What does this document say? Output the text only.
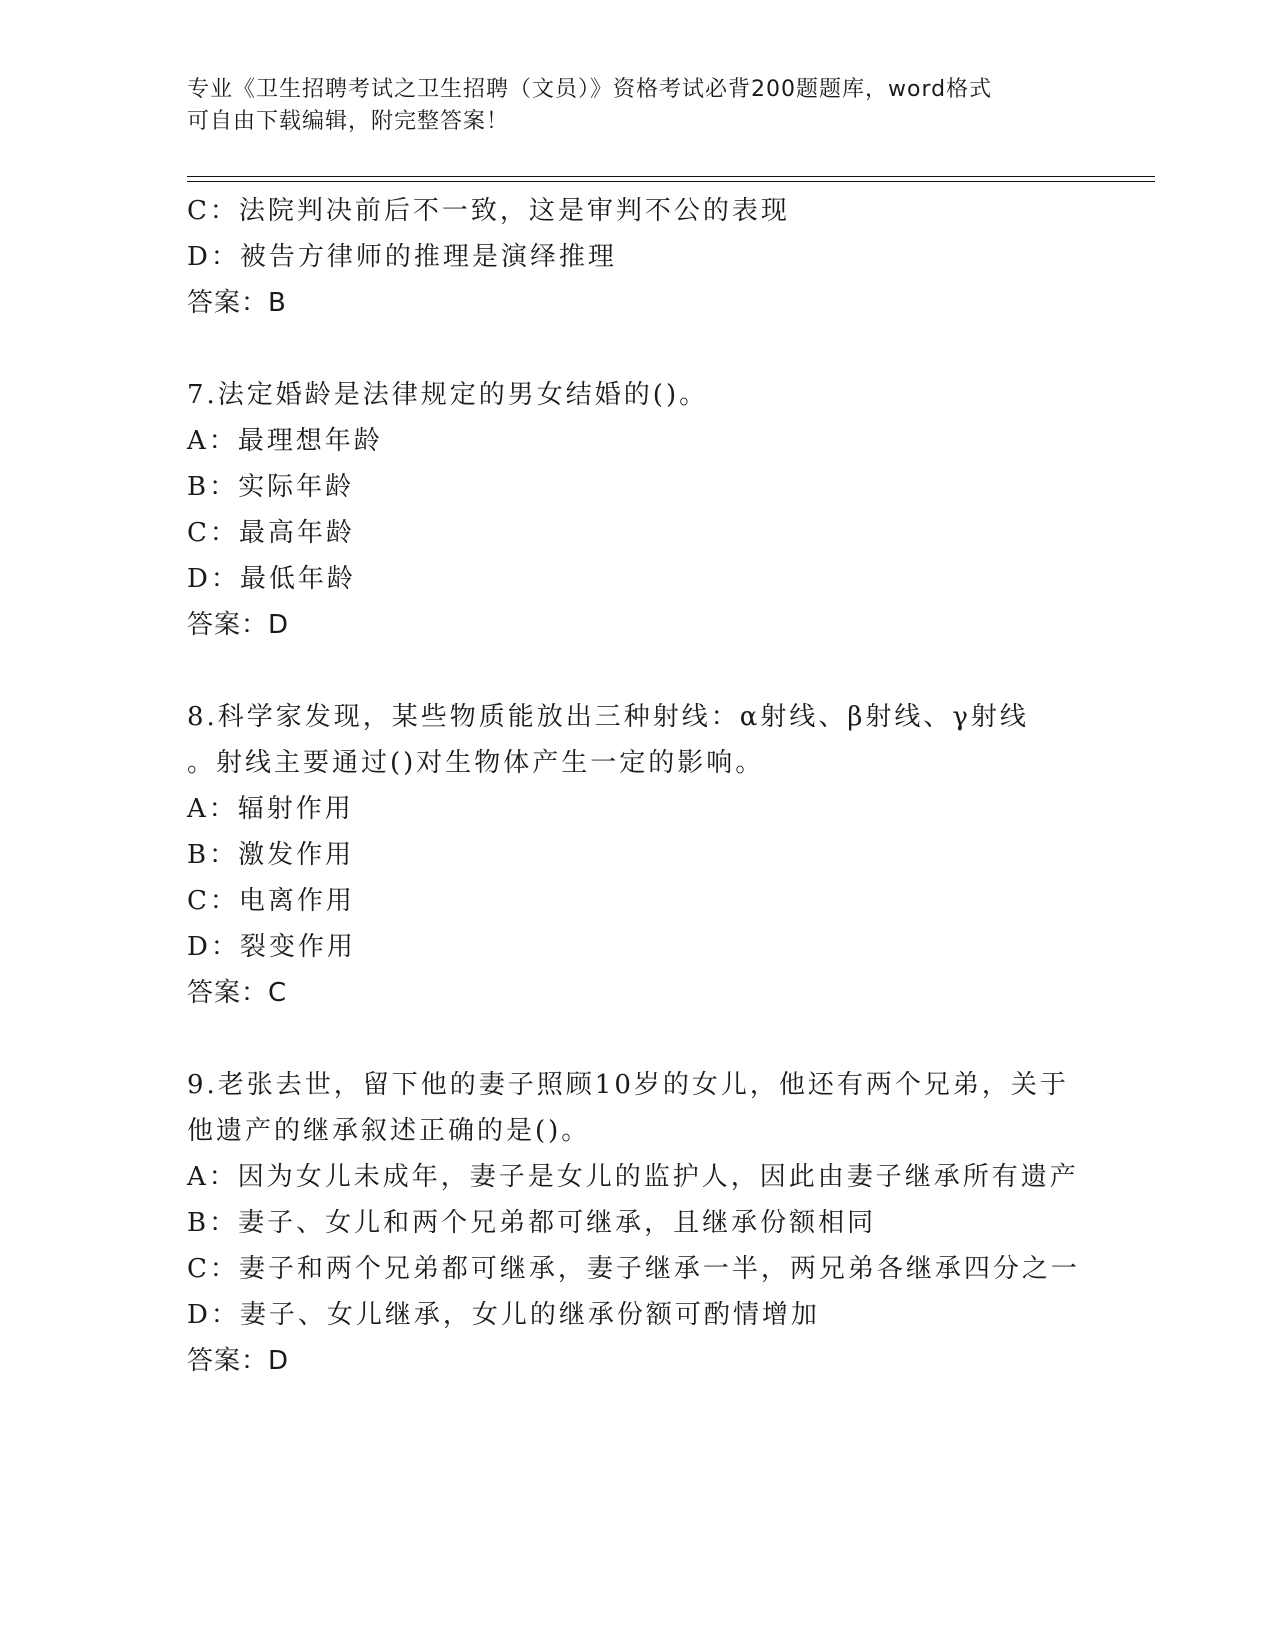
专业《卫生招聘考试之卫生招聘（文员）》资格考试必背200题题库，word格式
可自由下载编辑，附完整答案！
C：法院判决前后不一致，这是审判不公的表现
D：被告方律师的推理是演绎推理
答案：B
7.法定婚龄是法律规定的男女结婚的()。
A：最理想年龄
B：实际年龄
C：最高年龄
D：最低年龄
答案：D
8.科学家发现，某些物质能放出三种射线：α射线、β射线、γ射线
。射线主要通过()对生物体产生一定的影响。
A：辐射作用
B：激发作用
C：电离作用
D：裂变作用
答案：C
9.老张去世，留下他的妻子照顾10岁的女儿，他还有两个兄弟，关于
他遗产的继承叙述正确的是()。
A：因为女儿未成年，妻子是女儿的监护人，因此由妻子继承所有遗产
B：妻子、女儿和两个兄弟都可继承，且继承份额相同
C：妻子和两个兄弟都可继承，妻子继承一半，两兄弟各继承四分之一
D：妻子、女儿继承，女儿的继承份额可酌情增加
答案：D
